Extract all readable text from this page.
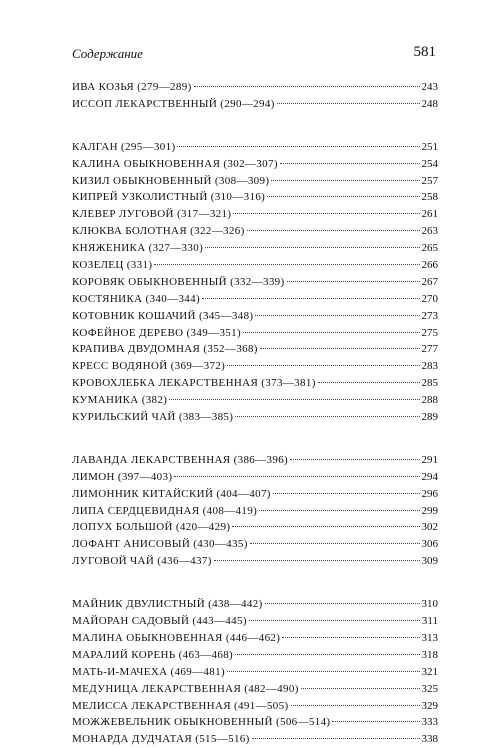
Содержание	581
ИВА КОЗЬЯ (279—289)	243
ИССОП ЛЕКАРСТВЕННЫЙ (290—294)	248
КАЛГАН (295—301)	251
КАЛИНА ОБЫКНОВЕННАЯ (302—307)	254
КИЗИЛ ОБЫКНОВЕННЫЙ (308—309)	257
КИПРЕЙ УЗКОЛИСТНЫЙ (310—316)	258
КЛЕВЕР ЛУГОВОЙ (317—321)	261
КЛЮКВА БОЛОТНАЯ (322—326)	263
КНЯЖЕНИКА (327—330)	265
КОЗЕЛЕЦ (331)	266
КОРОВЯК ОБЫКНОВЕННЫЙ (332—339)	267
КОСТЯНИКА (340—344)	270
КОТОВНИК КОШАЧИЙ (345—348)	273
КОФЕЙНОЕ ДЕРЕВО (349—351)	275
КРАПИВА ДВУДОМНАЯ (352—368)	277
КРЕСС ВОДЯНОЙ (369—372)	283
КРОВОХЛЕБКА ЛЕКАРСТВЕННАЯ (373—381)	285
КУМАНИКА (382)	288
КУРИЛЬСКИЙ ЧАЙ (383—385)	289
ЛАВАНДА ЛЕКАРСТВЕННАЯ (386—396)	291
ЛИМОН (397—403)	294
ЛИМОННИК КИТАЙСКИЙ (404—407)	296
ЛИПА СЕРДЦЕВИДНАЯ (408—419)	299
ЛОПУХ БОЛЬШОЙ (420—429)	302
ЛОФАНТ АНИСОВЫЙ (430—435)	306
ЛУГОВОЙ ЧАЙ (436—437)	309
МАЙНИК ДВУЛИСТНЫЙ (438—442)	310
МАЙОРАН САДОВЫЙ (443—445)	311
МАЛИНА ОБЫКНОВЕННАЯ (446—462)	313
МАРАЛИЙ КОРЕНЬ (463—468)	318
МАТЬ-И-МАЧЕХА (469—481)	321
МЕДУНИЦА ЛЕКАРСТВЕННАЯ (482—490)	325
МЕЛИССА ЛЕКАРСТВЕННАЯ (491—505)	329
МОЖЖЕВЕЛЬНИК ОБЫКНОВЕННЫЙ (506—514)	333
МОНАРДА ДУДЧАТАЯ (515—516)	338
